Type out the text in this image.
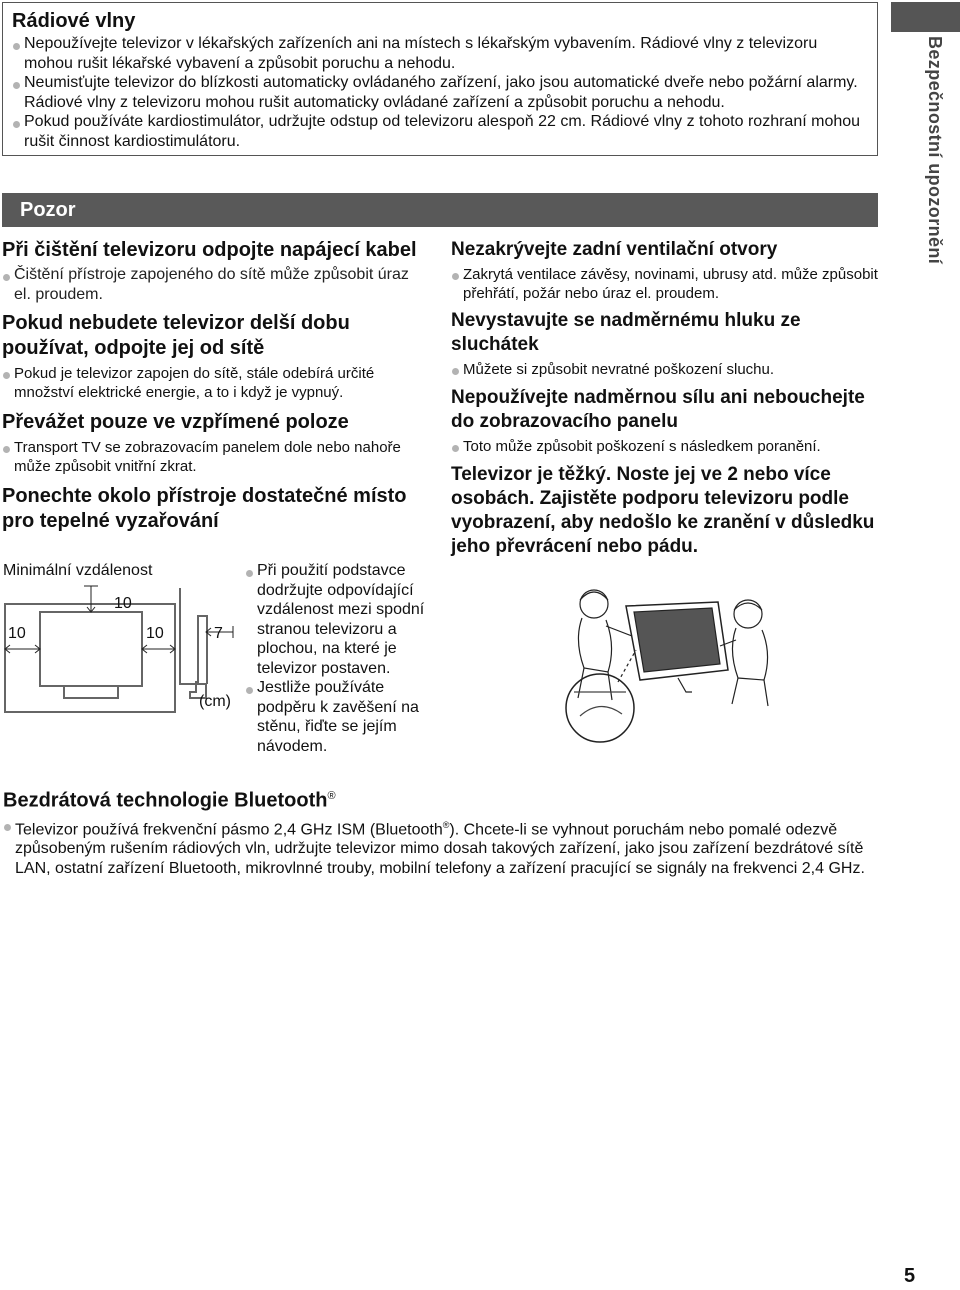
Rádiové vlny

Nepoužívejte televizor v lékařských zařízeních ani na místech s lékařským vybavením. Rádiové vlny z televizoru mohou rušit lékařské vybavení a způsobit poruchu a nehodu.

Neumisťujte televizor do blízkosti automaticky ovládaného zařízení, jako jsou automatické dveře nebo požární alarmy. Rádiové vlny z televizoru mohou rušit automaticky ovládané zařízení a způsobit poruchu a nehodu.

Pokud používáte kardiostimulátor, udržujte odstup od televizoru alespoň 22 cm. Rádiové vlny z tohoto rozhraní mohou rušit činnost kardiostimulátoru.	Bezpečnostní upozornění
Pozor
Při čištění televizoru odpojte napájecí kabel

Čištění přístroje zapojeného do sítě může způsobit úraz el. proudem.

Pokud nebudete televizor delší dobu používat, odpojte jej od sítě

Pokud je televizor zapojen do sítě, stále odebírá určité množství elektrické energie, a to i když je vypnuý.

Převážet pouze ve vzpřímené poloze

Transport TV se zobrazovacím panelem dole nebo nahoře může způsobit vnitřní zkrat.

Ponechte okolo přístroje dostatečné místo pro tepelné vyzařování
Minimální vzdálenost
10
10	10	7
(cm)

Při použití podstavce dodržujte odpovídající vzdálenost mezi spodní stranou televizoru a plochou, na které je televizor postaven.

Jestliže používáte podpěru k zavěšení na stěnu, řiďte se jejím návodem.

Nezakrývejte zadní ventilační otvory

Zakrytá ventilace závěsy, novinami, ubrusy atd. může způsobit přehřátí, požár nebo úraz el. proudem.

Nevystavujte se nadměrnému hluku ze sluchátek

Můžete si způsobit nevratné poškození sluchu.

Nepoužívejte nadměrnou sílu ani nebouchejte do zobrazovacího panelu

Toto může způsobit poškození s následkem poranění.

Televizor je těžký. Noste jej ve 2 nebo více osobách. Zajistěte podporu televizoru podle vyobrazení, aby nedošlo ke zranění v důsledku jeho převrácení nebo pádu.
Bezdrátová technologie Bluetooth®

Televizor používá frekvenční pásmo 2,4 GHz ISM (Bluetooth®). Chcete-li se vyhnout poruchám nebo pomalé odezvě způsobeným rušením rádiových vln, udržujte televizor mimo dosah takových zařízení, jako jsou zařízení bezdrátové sítě LAN, ostatní zařízení Bluetooth, mikrovlnné trouby, mobilní telefony a zařízení pracující se signály na frekvenci 2,4 GHz.

5
